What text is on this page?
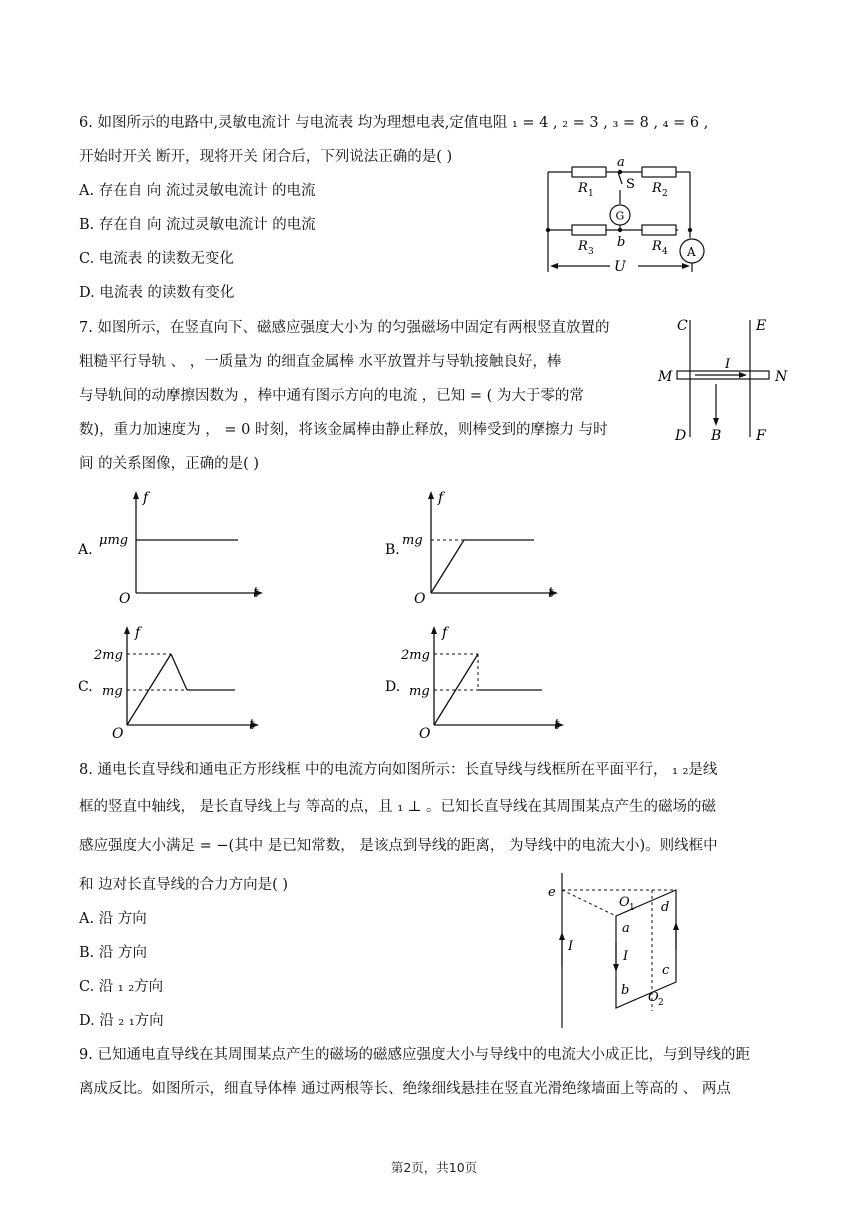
6. 如图所示的电路中,灵敏电流计 与电流表 均为理想电表,定值电阻 ₁ = 4 , ₂ = 3 , ₃ = 8 , ₄ = 6 ,
开始时开关 断开，现将开关 闭合后，下列说法正确的是( )
A. 存在自 向 流过灵敏电流计 的电流
B. 存在自 向 流过灵敏电流计 的电流
C. 电流表 的读数无变化
D. 电流表 的读数有变化
a
S
G
b
A
U
R 1	R 2
R 3	R 4
7. 如图所示，在竖直向下、磁感应强度大小为 的匀强磁场中固定有两根竖直放置的
粗糙平行导轨 、 ，一质量为 的细直金属棒 水平放置并与导轨接触良好，棒
与导轨间的动摩擦因数为 ，棒中通有图示方向的电流 ，已知 = ( 为大于零的常
数)，重力加速度为 ， = 0 时刻，将该金属棒由静止释放，则棒受到的摩擦力 与时
间 的关系图像，正确的是( )
C	E
M	N
I
D B F
A.
f
t
O
μmg
B.
f
t
O
mg
C.
f
t
O
2mg
mg	D.
f
t
O
2mg
mg
8. 通电长直导线和通电正方形线框 中的电流方向如图所示：长直导线与线框所在平面平行， ₁ ₂是线
框的竖直中轴线， 是长直导线上与 等高的点，且 ₁ ⊥ 。已知长直导线在其周围某点产生的磁场的磁
感应强度大小满足 = −(其中 是已知常数， 是该点到导线的距离， 为导线中的电流大小)。则线框中
和 边对长直导线的合力方向是( )
A. 沿 方向
B. 沿 方向
C. 沿 ₁ ₂方向
D. 沿 ₂ ₁方向
e
O 1 d
a
I
I
c
b O 2
9. 已知通电直导线在其周围某点产生的磁场的磁感应强度大小与导线中的电流大小成正比，与到导线的距
离成反比。如图所示，细直导体棒 通过两根等长、绝缘细线悬挂在竖直光滑绝缘墙面上等高的 、 两点
第2页，共10页
